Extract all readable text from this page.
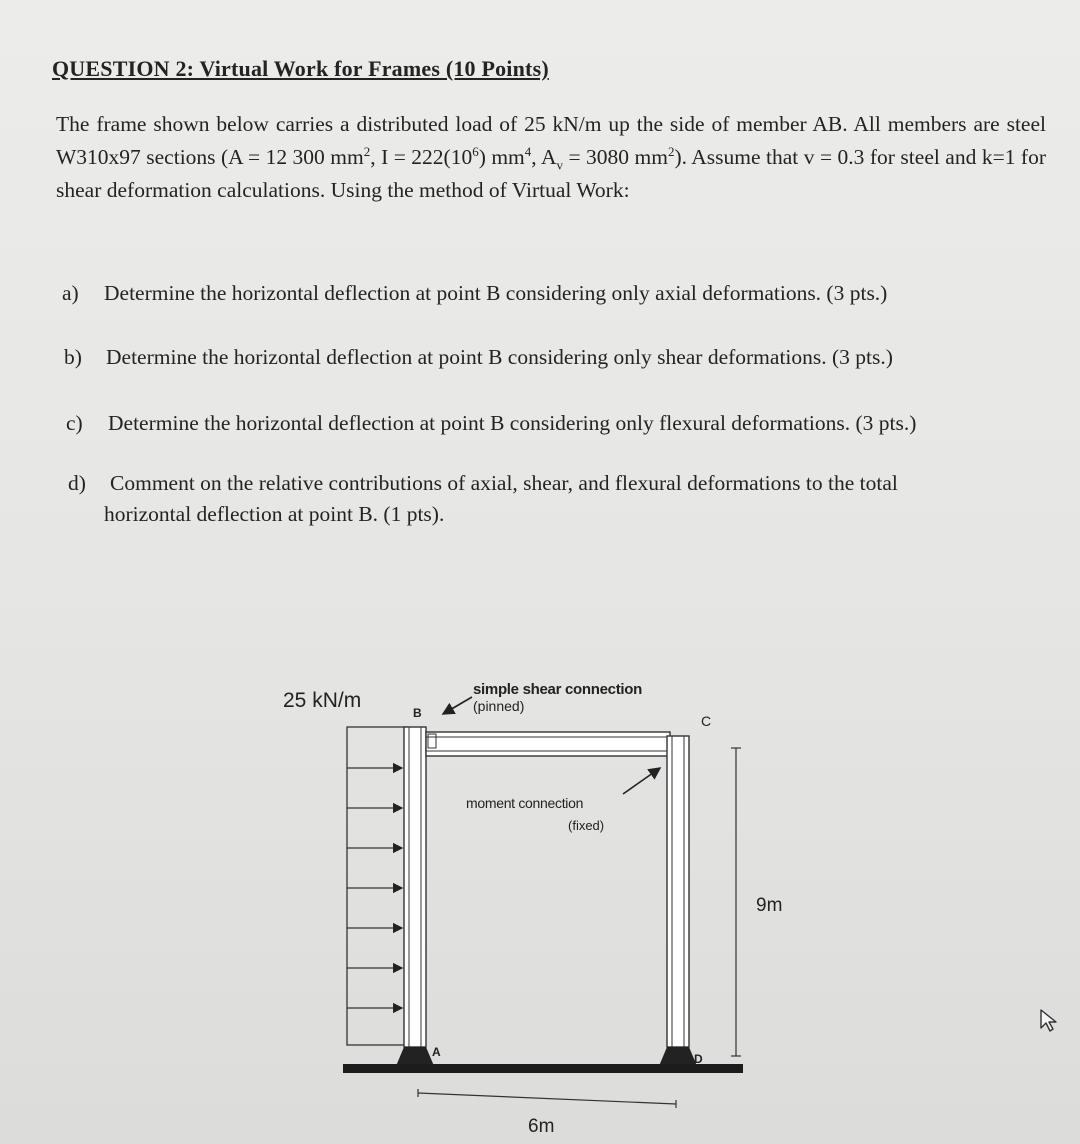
QUESTION 2: Virtual Work for Frames (10 Points)
The frame shown below carries a distributed load of 25 kN/m up the side of member AB. All members are steel W310x97 sections (A = 12 300 $mm^2$, $I = 222(10^6)$ $mm^4$, $A_v = 3080$ $mm^2$). Assume that v = 0.3 for steel and k=1 for shear deformation calculations. Using the method of Virtual Work:
a) Determine the horizontal deflection at point B considering only axial deformations. (3 pts.)
b) Determine the horizontal deflection at point B considering only shear deformations. (3 pts.)
c) Determine the horizontal deflection at point B considering only flexural deformations. (3 pts.)
d) Comment on the relative contributions of axial, shear, and flexural deformations to the total
horizontal deflection at point B. (1 pts).
25 kN/m
B	C
A	D
simple shear connection
(pinned)
moment connection
(fixed)
9m
6m
